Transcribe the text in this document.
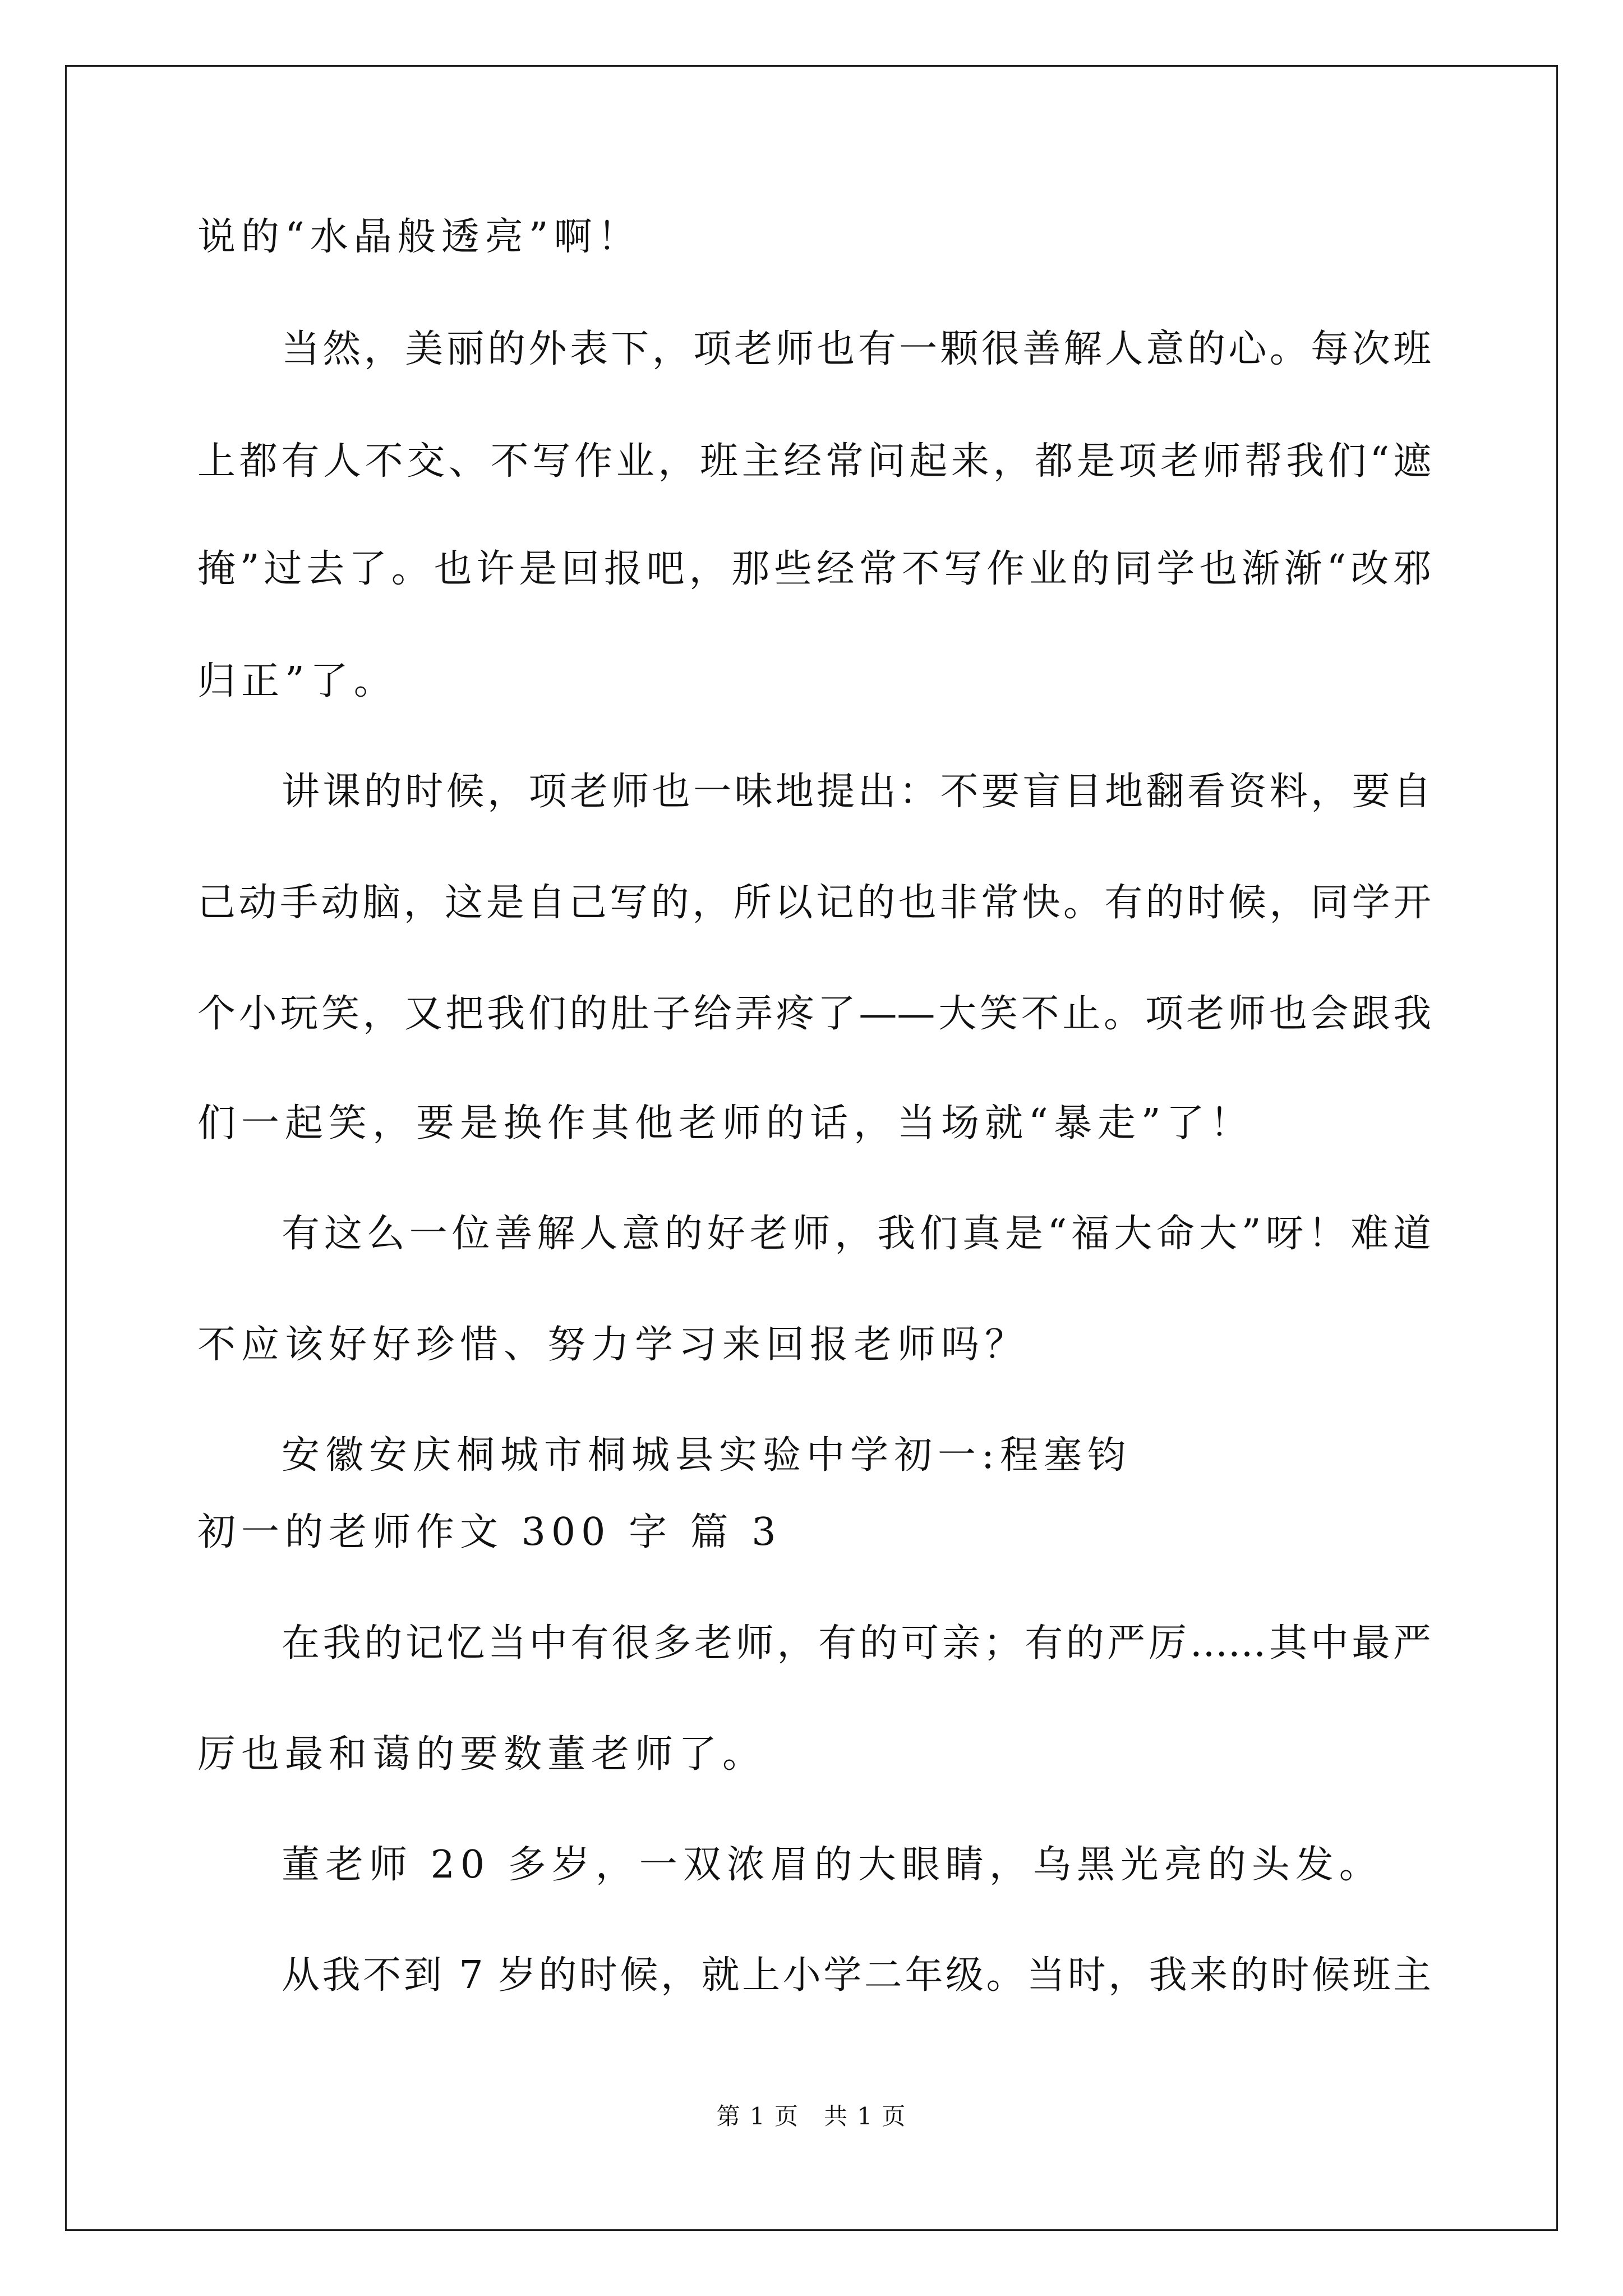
说的“水晶般透亮”啊！
当然，美丽的外表下，项老师也有一颗很善解人意的心。每次班
上都有人不交、不写作业，班主经常问起来，都是项老师帮我们“遮
掩”过去了。也许是回报吧，那些经常不写作业的同学也渐渐“改邪
归正”了。
讲课的时候，项老师也一味地提出：不要盲目地翻看资料，要自
己动手动脑，这是自己写的，所以记的也非常快。有的时候，同学开
个小玩笑，又把我们的肚子给弄疼了——大笑不止。项老师也会跟我
们一起笑，要是换作其他老师的话，当场就“暴走”了！
有这么一位善解人意的好老师，我们真是“福大命大”呀！难道
不应该好好珍惜、努力学习来回报老师吗？
安徽安庆桐城市桐城县实验中学初一:程塞钧
初一的老师作文 300 字 篇 3
在我的记忆当中有很多老师，有的可亲；有的严厉……其中最严
厉也最和蔼的要数董老师了。
董老师 20 多岁，一双浓眉的大眼睛，乌黑光亮的头发。
从我不到 7 岁的时候，就上小学二年级。当时，我来的时候班主
第 1 页 共 1 页
